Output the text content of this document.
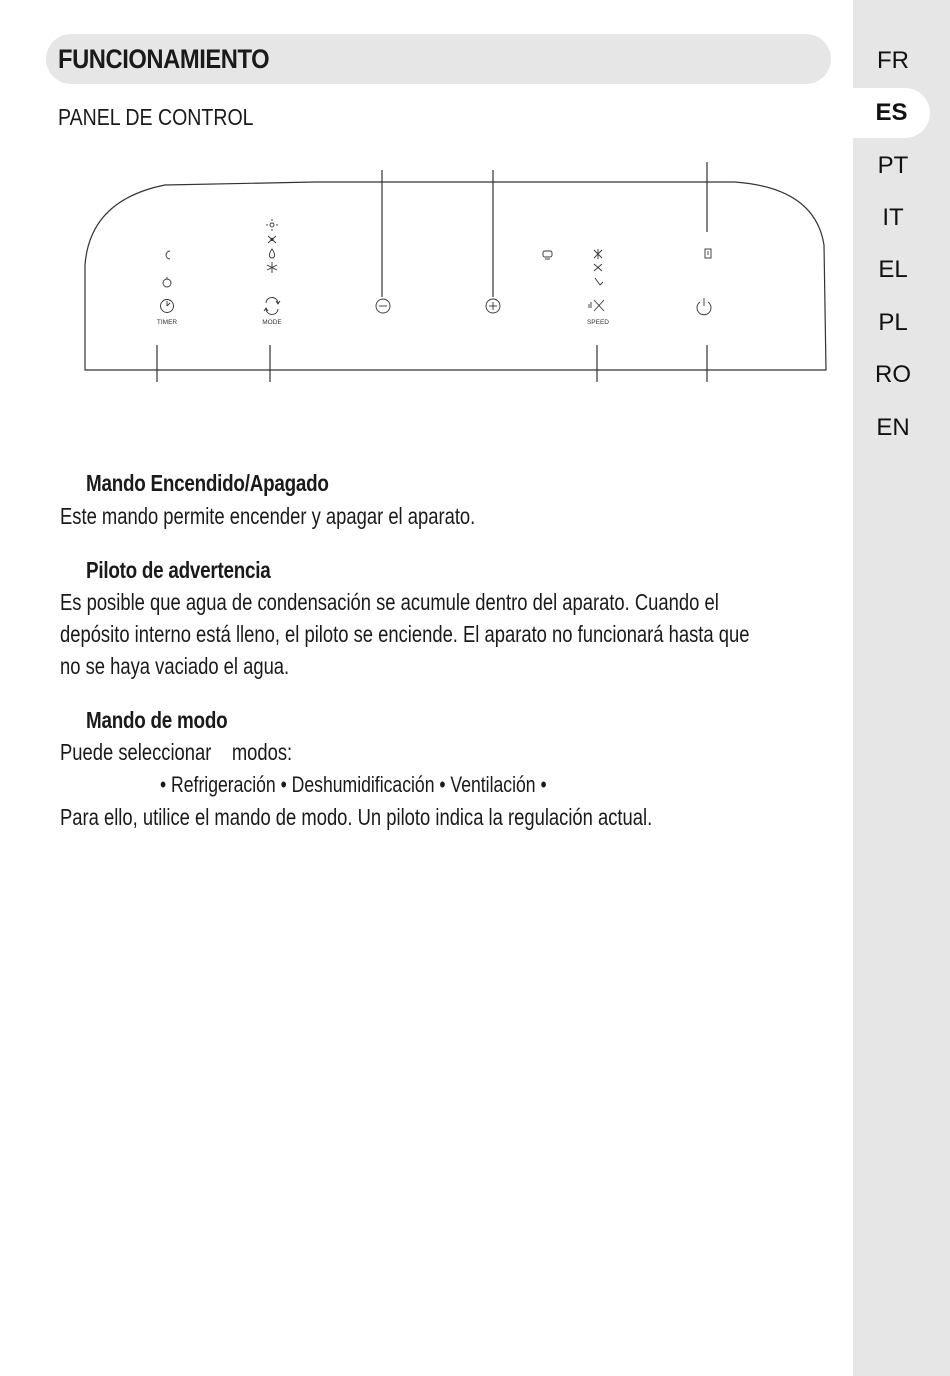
FUNCIONAMIENTO
PANEL DE CONTROL
FR
ES
PT
IT
EL
PL
RO
EN
TIMER	MODE	SPEED
Mando Encendido/Apagado
Este mando permite encender y apagar el aparato.
Piloto de advertencia
Es posible que agua de condensación se acumule dentro del aparato. Cuando el
depósito interno está lleno, el piloto se enciende. El aparato no funcionará hasta que
no se haya vaciado el agua.
Mando de modo
Puede seleccionar    modos:
• Refrigeración • Deshumidificación • Ventilación •
Para ello, utilice el mando de modo. Un piloto indica la regulación actual.
